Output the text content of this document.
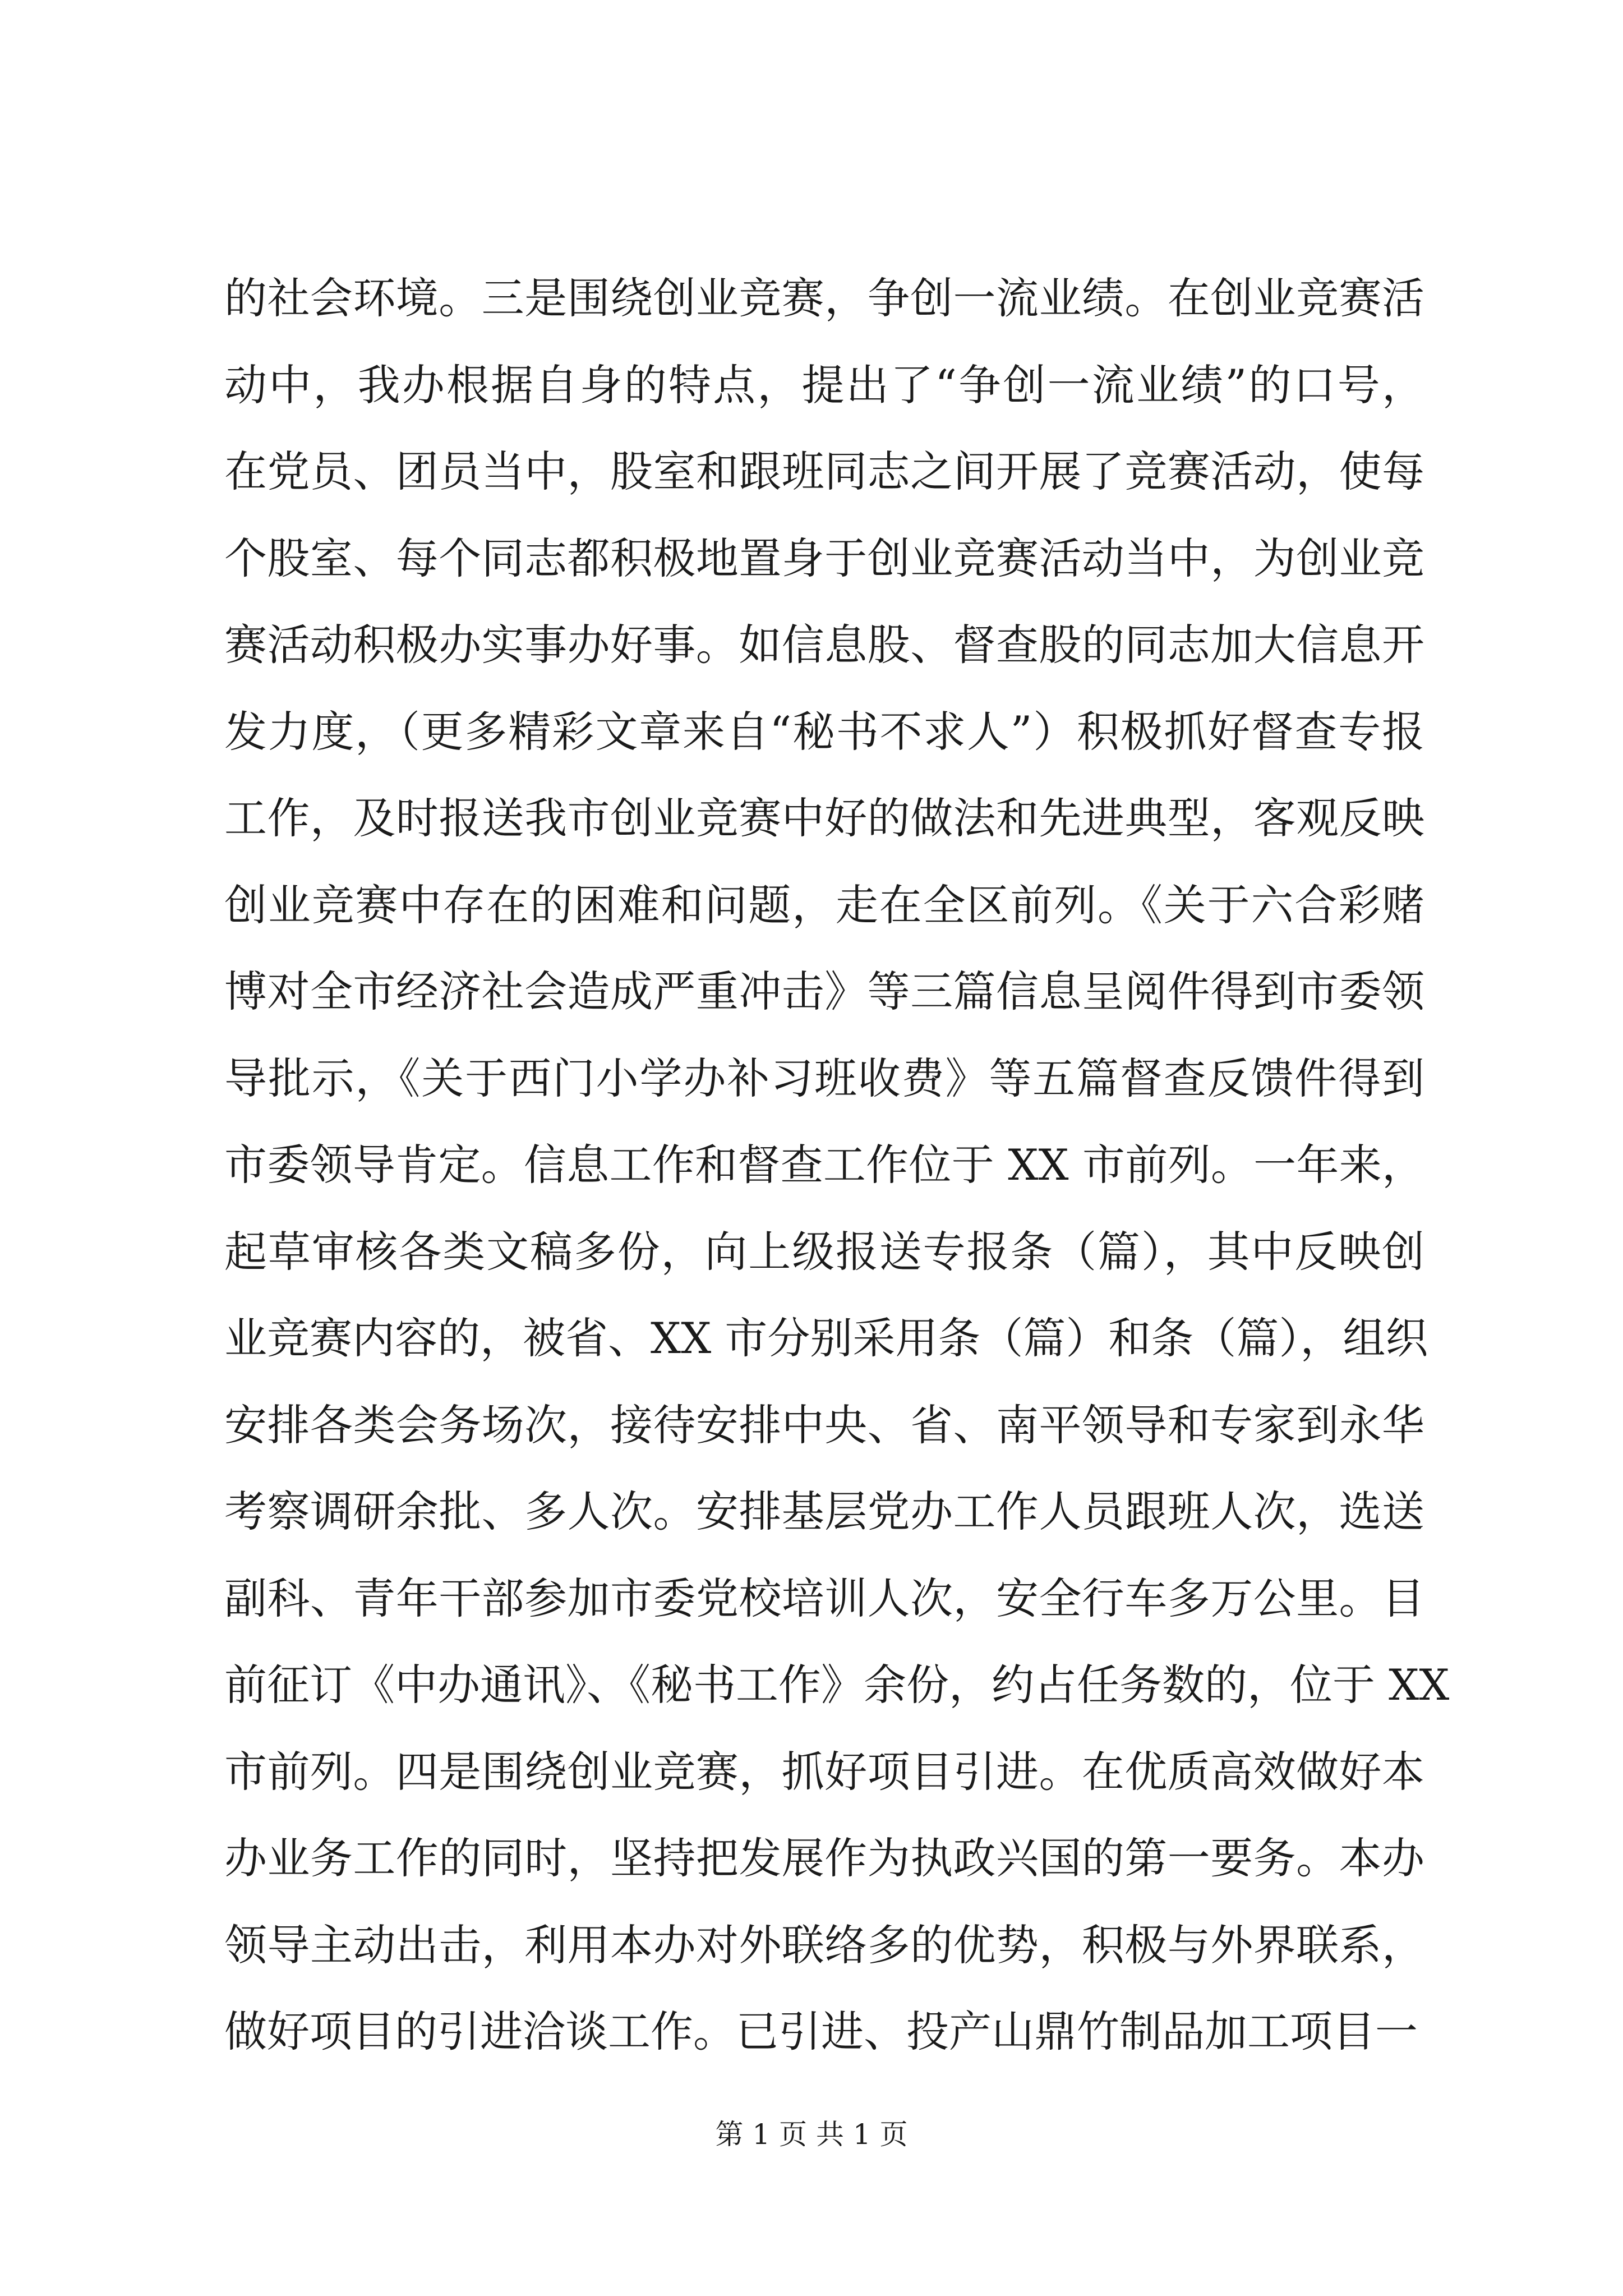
的社会环境。三是围绕创业竞赛，争创一流业绩。在创业竞赛活
动中，我办根据自身的特点，提出了“争创一流业绩”的口号，
在党员、团员当中，股室和跟班同志之间开展了竞赛活动，使每
个股室、每个同志都积极地置身于创业竞赛活动当中，为创业竞
赛活动积极办实事办好事。如信息股、督查股的同志加大信息开
发力度，（更多精彩文章来自“秘书不求人”）积极抓好督查专报
工作，及时报送我市创业竞赛中好的做法和先进典型，客观反映
创业竞赛中存在的困难和问题，走在全区前列。《关于六合彩赌
博对全市经济社会造成严重冲击》等三篇信息呈阅件得到市委领
导批示，《关于西门小学办补习班收费》等五篇督查反馈件得到
市委领导肯定。信息工作和督查工作位于 XX 市前列。一年来，
起草审核各类文稿多份，向上级报送专报条（篇），其中反映创
业竞赛内容的，被省、XX 市分别采用条（篇）和条（篇），组织
安排各类会务场次，接待安排中央、省、南平领导和专家到永华
考察调研余批、多人次。安排基层党办工作人员跟班人次，选送
副科、青年干部参加市委党校培训人次，安全行车多万公里。目
前征订《中办通讯》、《秘书工作》余份，约占任务数的，位于 XX
市前列。四是围绕创业竞赛，抓好项目引进。在优质高效做好本
办业务工作的同时，坚持把发展作为执政兴国的第一要务。本办
领导主动出击，利用本办对外联络多的优势，积极与外界联系，
做好项目的引进洽谈工作。已引进、投产山鼎竹制品加工项目一
第 1 页 共 1 页
